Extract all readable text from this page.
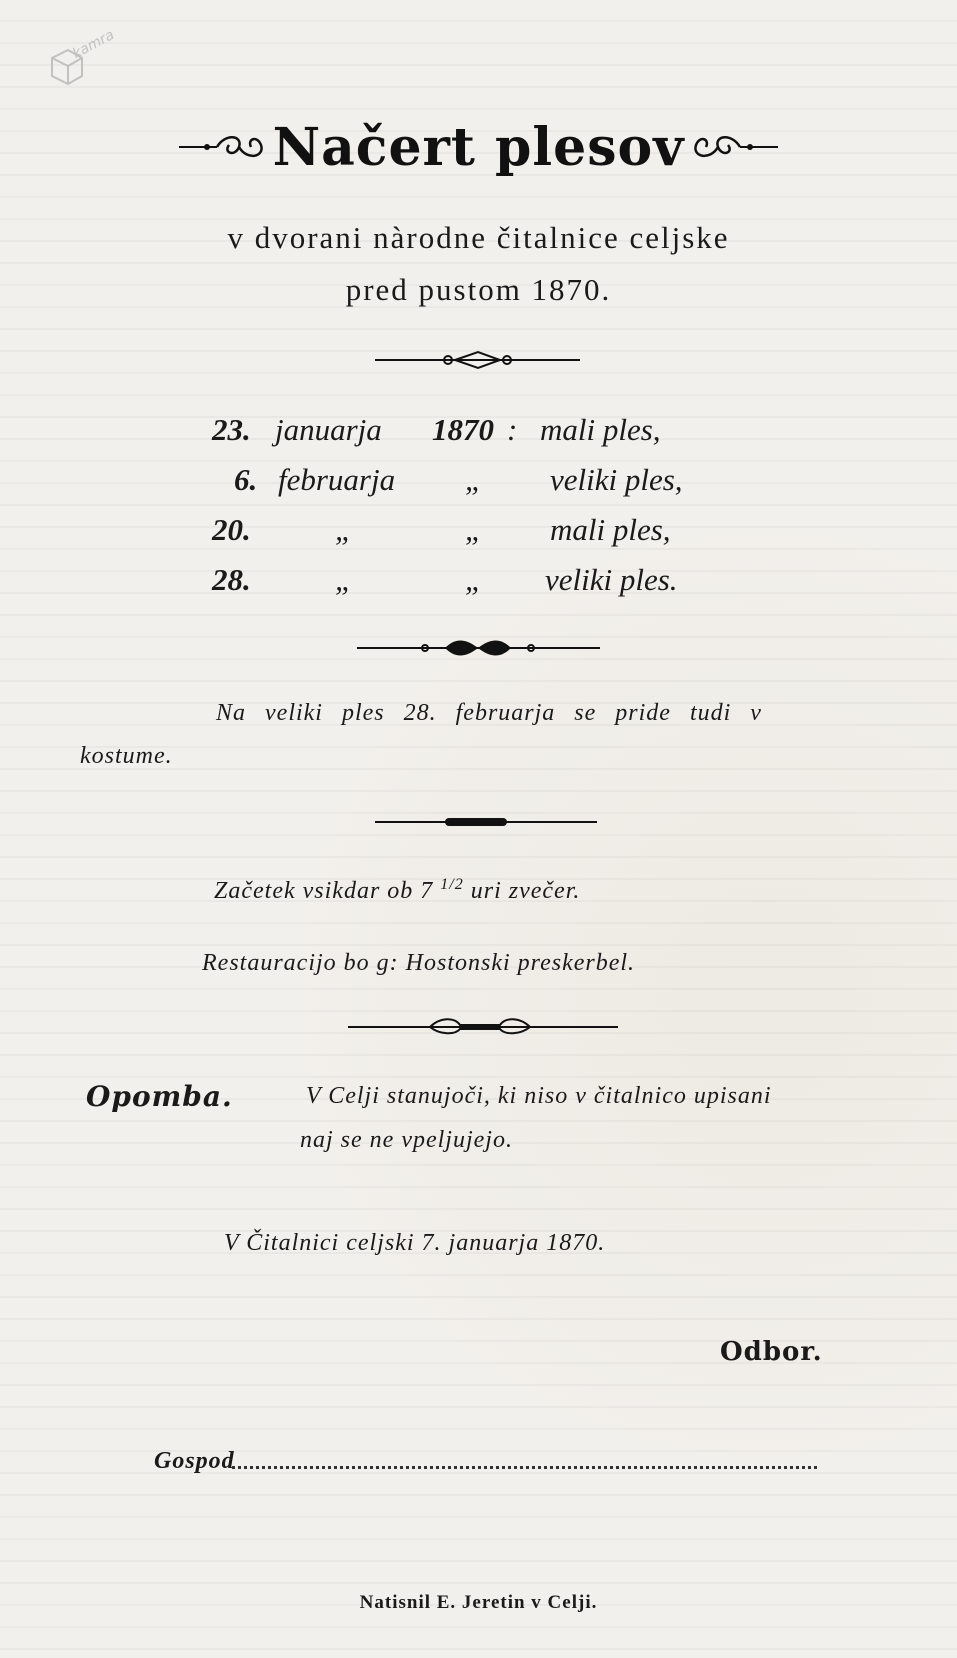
kamra
Načert plesov
v dvorani nàrodne čitalnice celjske
pred pustom 1870.
23. januarja 1870 : mali ples,
6. februarja „ veliki ples,
20.	„	„ mali ples,
28.	„	„ veliki ples.
Na veliki ples 28. februarja se pride tudi v
kostume.
Začetek vsikdar ob 7 $^{1/2}$ uri zvečer.
Restauracijo bo g: Hostonski preskerbel.
Opomba.	V Celji stanujoči, ki niso v čitalnico upisani
naj se ne vpeljujejo.
V Čitalnici celjski 7. januarja 1870.
Odbor.
Gospod
Natisnil E. Jeretin v Celji.
